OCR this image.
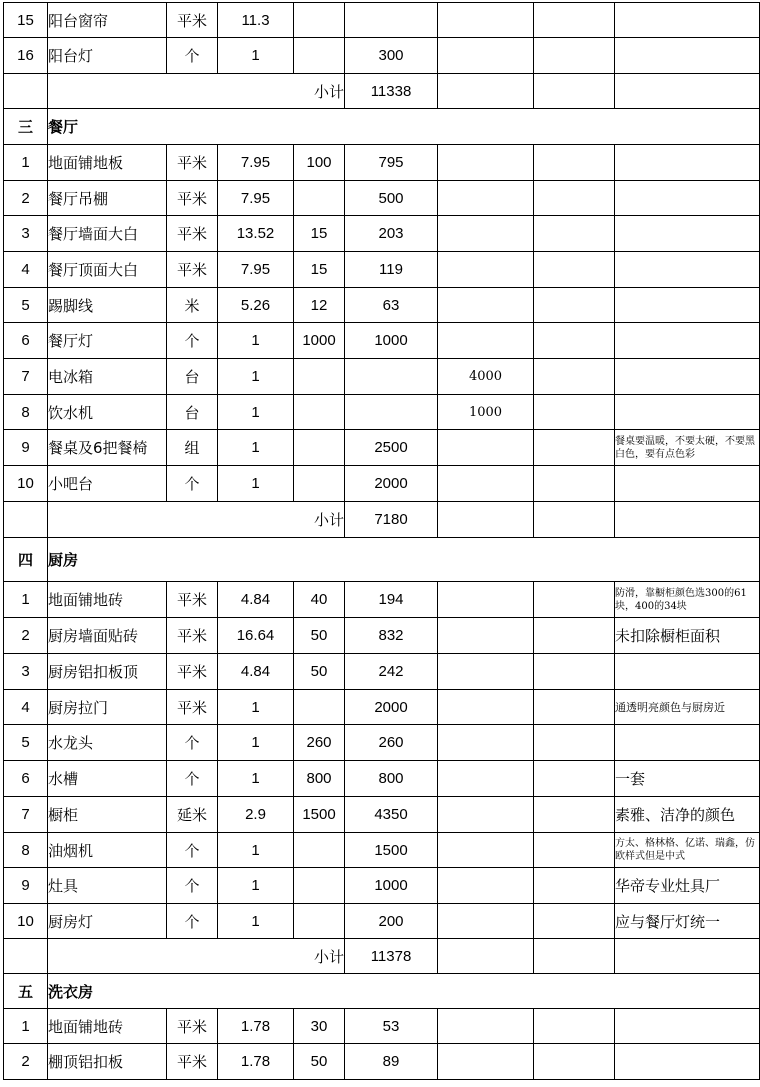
15	阳台窗帘	平米	11.3					
16	阳台灯	个	1		300			
	小计				11338			
三	餐厅							
1	地面铺地板	平米	7.95	100	795			
2	餐厅吊棚	平米	7.95		500			
3	餐厅墙面大白	平米	13.52	15	203			
4	餐厅顶面大白	平米	7.95	15	119			
5	踢脚线	米	5.26	12	63			
6	餐厅灯	个	1	1000	1000			
7	电冰箱	台	1			4000		
8	饮水机	台	1			1000		
9	餐桌及6把餐椅	组	1		2500			餐桌要温暖，不要太硬，不要黑白色，要有点色彩
10	小吧台	个	1		2000			
	小计				7180			
四	厨房							
1	地面铺地砖	平米	4.84	40	194			防滑，靠橱柜颜色选300的61块，400的34块
2	厨房墙面贴砖	平米	16.64	50	832			未扣除橱柜面积
3	厨房铝扣板顶	平米	4.84	50	242			
4	厨房拉门	平米	1		2000			通透明亮颜色与厨房近
5	水龙头	个	1	260	260			
6	水槽	个	1	800	800			一套
7	橱柜	延米	2.9	1500	4350			素雅、洁净的颜色
8	油烟机	个	1		1500			方太、格林格、亿诺、瑞鑫，仿欧样式但是中式
9	灶具	个	1		1000			华帝专业灶具厂
10	厨房灯	个	1		200			应与餐厅灯统一
	小计				11378			
五	洗衣房							
1	地面铺地砖	平米	1.78	30	53			
2	棚顶铝扣板	平米	1.78	50	89			
